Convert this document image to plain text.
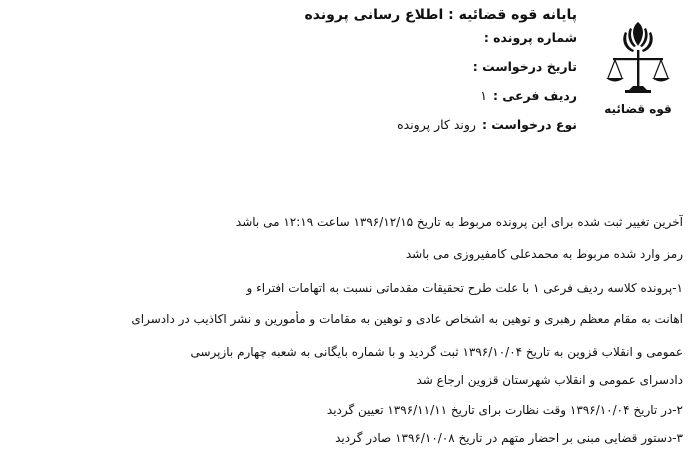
قوه قضائیه
پایانه قوه قضائیه : اطلاع رسانی پرونده
شماره پرونده :
تاریخ درخواست :
ردیف فرعی :۱
نوع درخواست :روند کار پرونده
آخرین تغییر ثبت شده برای این پرونده مربوط به تاریخ ۱۳۹۶/۱۲/۱۵ ساعت ۱۲:۱۹ می باشد
رمز وارد شده مربوط به محمدعلی کامفیروزی می باشد
۱-پرونده کلاسه ردیف فرعی ۱ با علت طرح تحقیقات مقدماتی نسبت به اتهامات افتراء و
اهانت به مقام معظم رهبری و توهین به اشخاص عادی و توهین به مقامات و مأمورین و نشر اکاذیب در دادسرای
عمومی و انقلاب قزوین به تاریخ ۱۳۹۶/۱۰/۰۴ ثبت گردید و با شماره بایگانی به شعبه چهارم بازپرسی
دادسرای عمومی و انقلاب شهرستان قزوین ارجاع شد
۲-در تاریخ ۱۳۹۶/۱۰/۰۴ وقت نظارت برای تاریخ ۱۳۹۶/۱۱/۱۱ تعیین گردید
۳-دستور قضایی مبنی بر احضار متهم در تاریخ ۱۳۹۶/۱۰/۰۸ صادر گردید
